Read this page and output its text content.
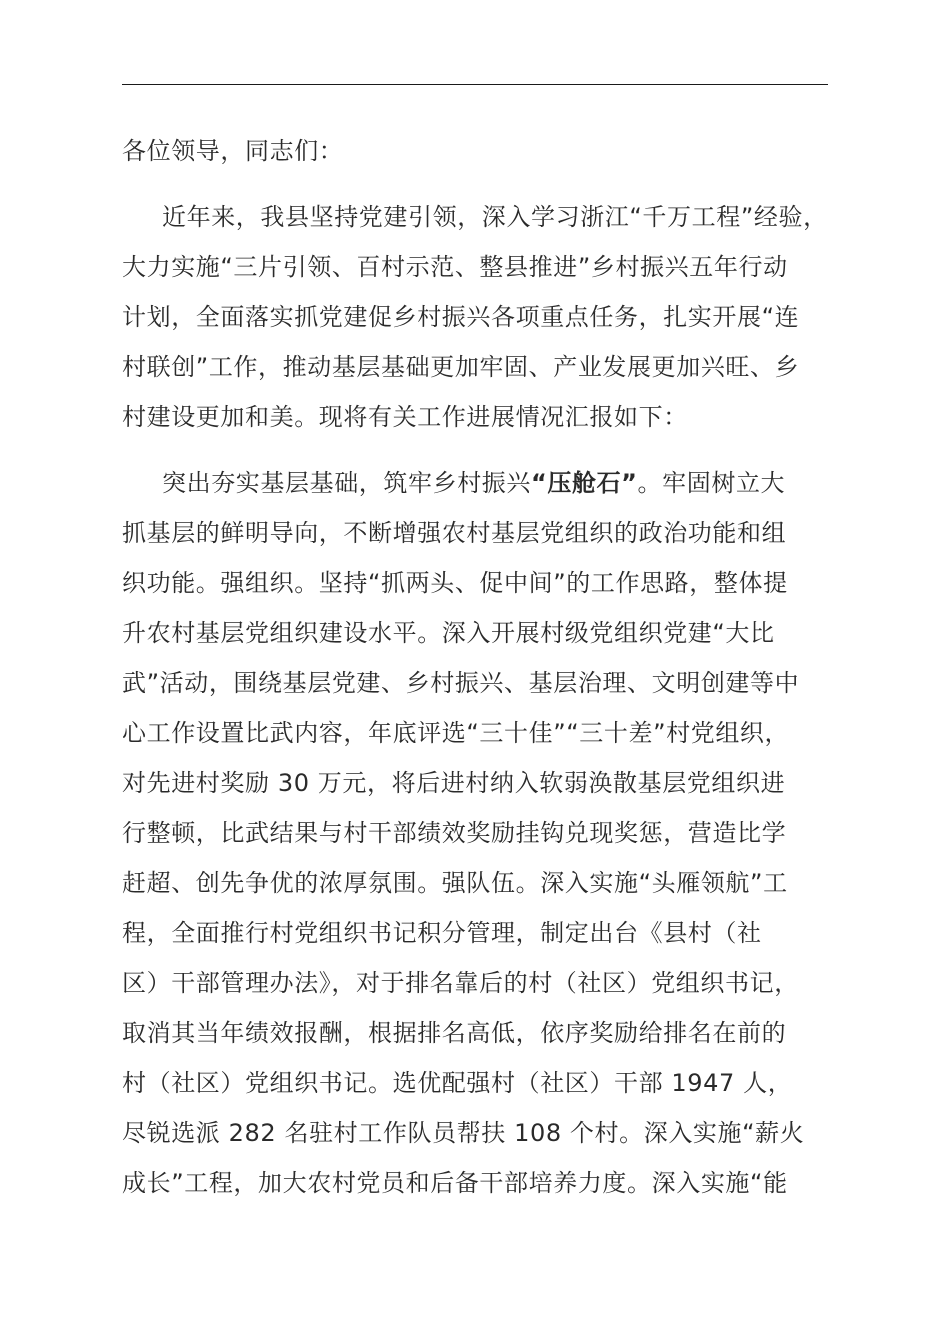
各位领导，同志们：

近年来，我县坚持党建引领，深入学习浙江“千万工程”经验，
大力实施“三片引领、百村示范、整县推进”乡村振兴五年行动
计划，全面落实抓党建促乡村振兴各项重点任务，扎实开展“连
村联创”工作，推动基层基础更加牢固、产业发展更加兴旺、乡
村建设更加和美。现将有关工作进展情况汇报如下：
突出夯实基层基础，筑牢乡村振兴“压舱石”。牢固树立大
抓基层的鲜明导向，不断增强农村基层党组织的政治功能和组
织功能。强组织。坚持“抓两头、促中间”的工作思路，整体提
升农村基层党组织建设水平。深入开展村级党组织党建“大比
武”活动，围绕基层党建、乡村振兴、基层治理、文明创建等中
心工作设置比武内容，年底评选“三十佳”“三十差”村党组织，
对先进村奖励 30 万元，将后进村纳入软弱涣散基层党组织进
行整顿，比武结果与村干部绩效奖励挂钩兑现奖惩，营造比学
赶超、创先争优的浓厚氛围。强队伍。深入实施“头雁领航”工
程，全面推行村党组织书记积分管理，制定出台《县村（社
区）干部管理办法》，对于排名靠后的村（社区）党组织书记，
取消其当年绩效报酬，根据排名高低，依序奖励给排名在前的
村（社区）党组织书记。选优配强村（社区）干部 1947 人，
尽锐选派 282 名驻村工作队员帮扶 108 个村。深入实施“薪火
成长”工程，加大农村党员和后备干部培养力度。深入实施“能
